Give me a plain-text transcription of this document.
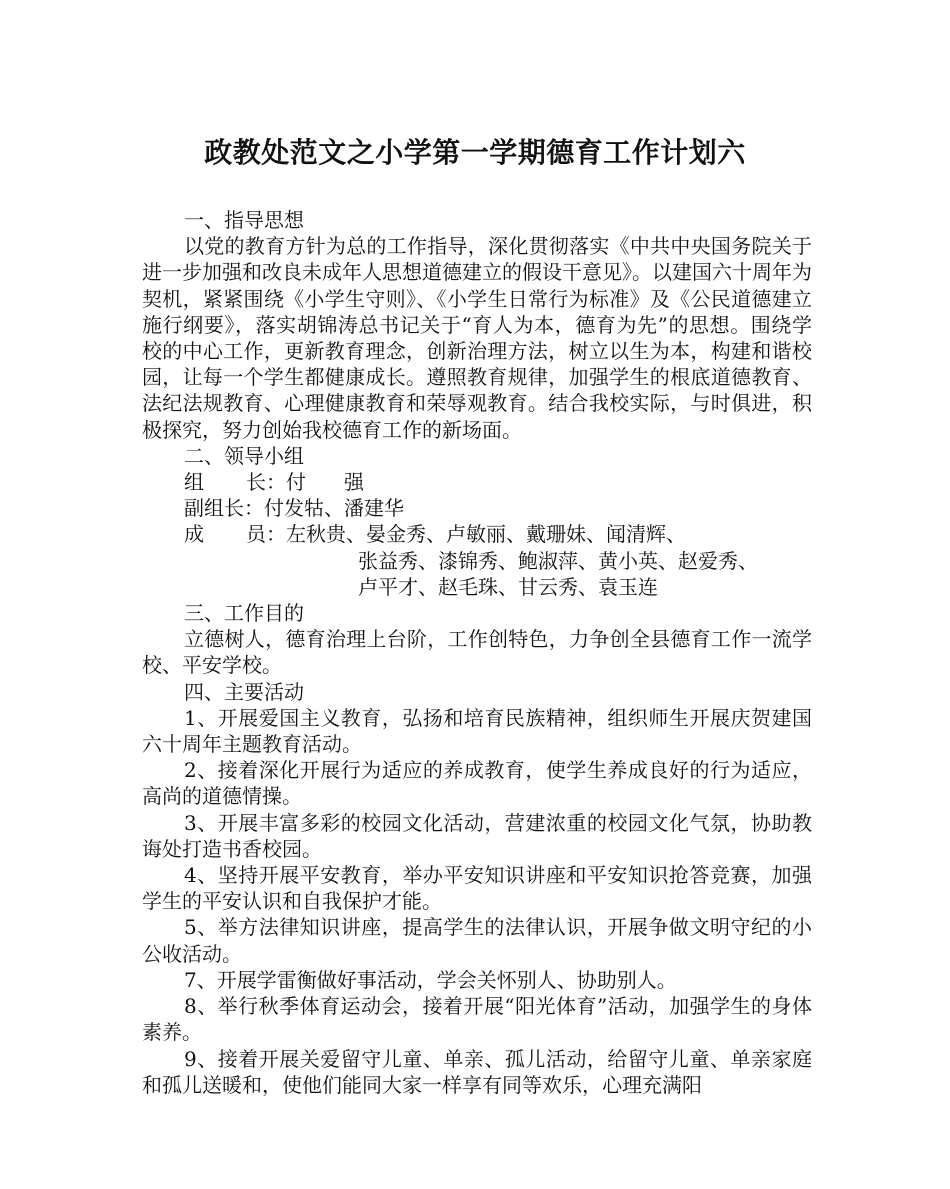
政教处范文之小学第一学期德育工作计划六

一、指导思想

以党的教育方针为总的工作指导，深化贯彻落实《中共中央国务院关于进一步加强和改良未成年人思想道德建立的假设干意见》。以建国六十周年为契机，紧紧围绕《小学生守则》、《小学生日常行为标准》及《公民道德建立施行纲要》，落实胡锦涛总书记关于“育人为本，德育为先”的思想。围绕学校的中心工作，更新教育理念，创新治理方法，树立以生为本，构建和谐校园，让每一个学生都健康成长。遵照教育规律，加强学生的根底道德教育、法纪法规教育、心理健康教育和荣辱观教育。结合我校实际，与时俱进，积极探究，努力创始我校德育工作的新场面。

二、领导小组

组 长：付 强

副组长：付发牯、潘建华

成 员：左秋贵、晏金秀、卢敏丽、戴珊妹、闻清辉、
张益秀、漆锦秀、鲍淑萍、黄小英、赵爱秀、
卢平才、赵毛珠、甘云秀、袁玉连

三、工作目的

立德树人，德育治理上台阶，工作创特色，力争创全县德育工作一流学校、平安学校。

四、主要活动

1、开展爱国主义教育，弘扬和培育民族精神，组织师生开展庆贺建国六十周年主题教育活动。

2、接着深化开展行为适应的养成教育，使学生养成良好的行为适应，高尚的道德情操。

3、开展丰富多彩的校园文化活动，营建浓重的校园文化气氛，协助教诲处打造书香校园。

4、坚持开展平安教育，举办平安知识讲座和平安知识抢答竞赛，加强学生的平安认识和自我保护才能。

5、举方法律知识讲座，提高学生的法律认识，开展争做文明守纪的小公收活动。

7、开展学雷衡做好事活动，学会关怀别人、协助别人。

8、举行秋季体育运动会，接着开展“阳光体育”活动，加强学生的身体素养。

9、接着开展关爱留守儿童、单亲、孤儿活动，给留守儿童、单亲家庭和孤儿送暖和，使他们能同大家一样享有同等欢乐，心理充满阳
